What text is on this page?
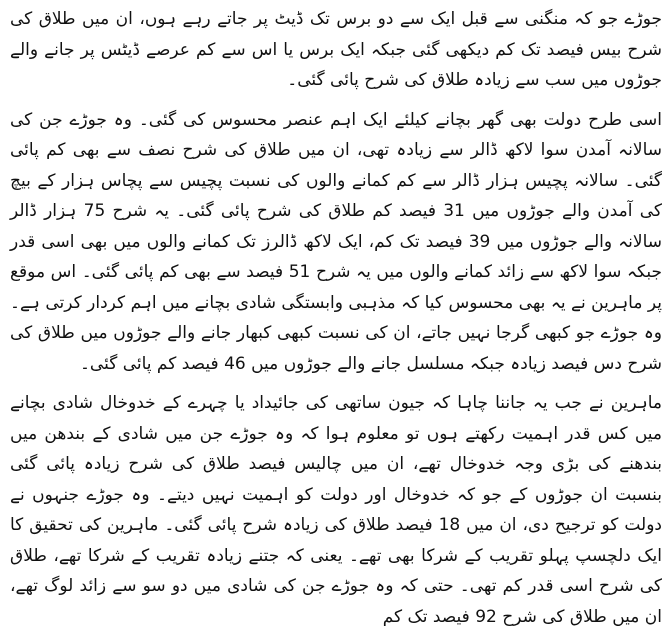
جوڑے جو کہ منگنی سے قبل ایک سے دو برس تک ڈیٹ پر جاتے رہے ہوں، ان میں طلاق کی شرح بیس فیصد تک کم دیکھی گئی جبکہ ایک برس یا اس سے کم عرصے ڈیٹس پر جانے والے جوڑوں میں سب سے زیادہ طلاق کی شرح پائی گئی۔

اسی طرح دولت بھی گھر بچانے کیلئے ایک اہم عنصر محسوس کی گئی۔ وہ جوڑے جن کی سالانہ آمدن سوا لاکھ ڈالر سے زیادہ تھی، ان میں طلاق کی شرح نصف سے بھی کم پائی گئی۔ سالانہ پچیس ہزار ڈالر سے کم کمانے والوں کی نسبت پچیس سے پچاس ہزار کے بیچ کی آمدن والے جوڑوں میں 31 فیصد کم طلاق کی شرح پائی گئی۔ یہ شرح 75 ہزار ڈالر سالانہ والے جوڑوں میں 39 فیصد تک کم، ایک لاکھ ڈالرز تک کمانے والوں میں بھی اسی قدر جبکہ سوا لاکھ سے زائد کمانے والوں میں یہ شرح 51 فیصد سے بھی کم پائی گئی۔ اس موقع پر ماہرین نے یہ بھی محسوس کیا کہ مذہبی وابستگی شادی بچانے میں اہم کردار کرتی ہے۔ وہ جوڑے جو کبھی گرجا نہیں جاتے، ان کی نسبت کبھی کبھار جانے والے جوڑوں میں طلاق کی شرح دس فیصد زیادہ جبکہ مسلسل جانے والے جوڑوں میں 46 فیصد کم پائی گئی۔

ماہرین نے جب یہ جاننا چاہا کہ جیون ساتھی کی جائیداد یا چہرے کے خدوخال شادی بچانے میں کس قدر اہمیت رکھتے ہوں تو معلوم ہوا کہ وہ جوڑے جن میں شادی کے بندھن میں بندھنے کی بڑی وجہ خدوخال تھے، ان میں چالیس فیصد طلاق کی شرح زیادہ پائی گئی بنسبت ان جوڑوں کے جو کہ خدوخال اور دولت کو اہمیت نہیں دیتے۔ وہ جوڑے جنہوں نے دولت کو ترجیح دی، ان میں 18 فیصد طلاق کی زیادہ شرح پائی گئی۔ ماہرین کی تحقیق کا ایک دلچسپ پہلو تقریب کے شرکا بھی تھے۔ یعنی کہ جتنے زیادہ تقریب کے شرکا تھے، طلاق کی شرح اسی قدر کم تھی۔ حتی کہ وہ جوڑے جن کی شادی میں دو سو سے زائد لوگ تھے، ان میں طلاق کی شرح 92 فیصد تک کم
